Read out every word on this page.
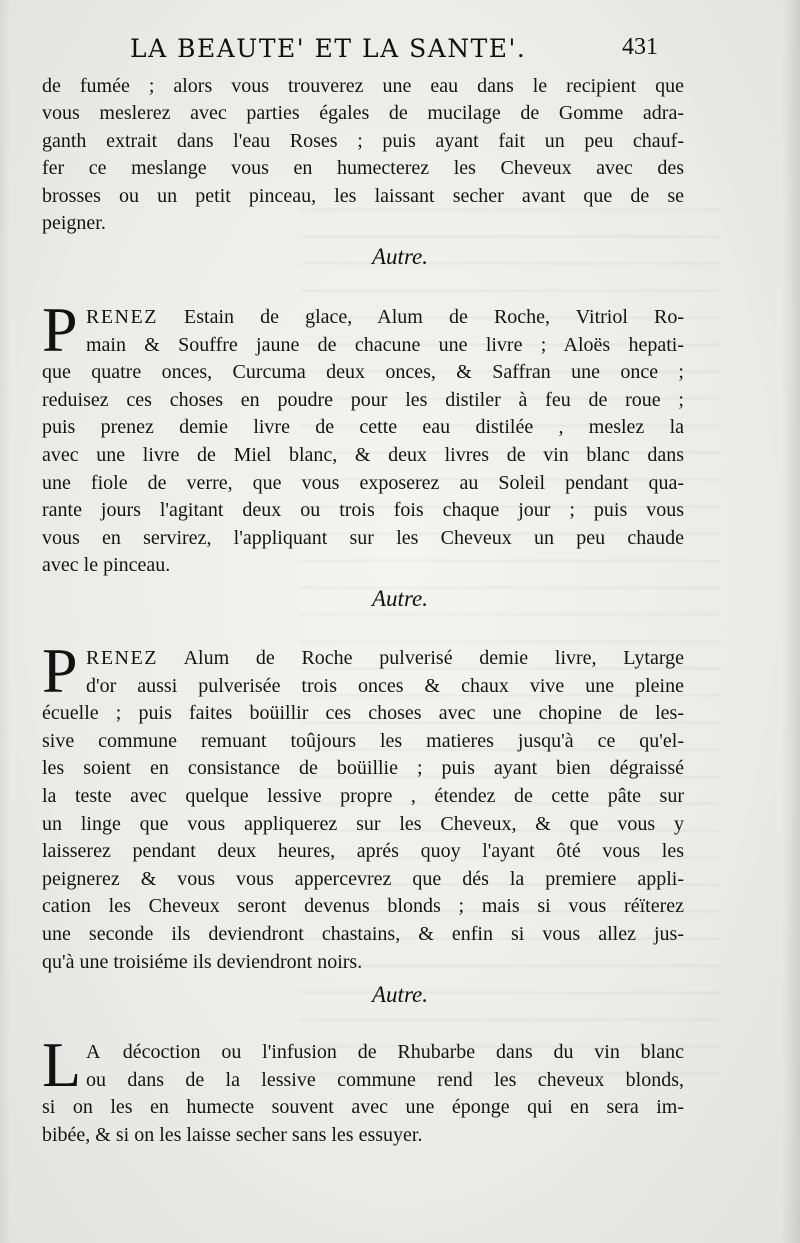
LA BEAUTE' ET LA SANTE'.	431
de fumée ; alors vous trouverez une eau dans le recipient que
vous meslerez avec parties égales de mucilage de Gomme adra-
ganth extrait dans l'eau Roses ; puis ayant fait un peu chauf-
fer ce meslange vous en humecterez les Cheveux avec des
brosses ou un petit pinceau, les laissant secher avant que de se
peigner.
Autre.
P RENEZ Estain de glace, Alum de Roche, Vitriol Ro-
main & Souffre jaune de chacune une livre ; Aloës hepati-
que quatre onces, Curcuma deux onces, & Saffran une once ;
reduisez ces choses en poudre pour les distiler à feu de roue ;
puis prenez demie livre de cette eau distilée , meslez la
avec une livre de Miel blanc, & deux livres de vin blanc dans
une fiole de verre, que vous exposerez au Soleil pendant qua-
rante jours l'agitant deux ou trois fois chaque jour ; puis vous
vous en servirez, l'appliquant sur les Cheveux un peu chaude
avec le pinceau.
Autre.
P RENEZ Alum de Roche pulverisé demie livre, Lytarge
d'or aussi pulverisée trois onces & chaux vive une pleine
écuelle ; puis faites boüillir ces choses avec une chopine de les-
sive commune remuant toûjours les matieres jusqu'à ce qu'el-
les soient en consistance de boüillie ; puis ayant bien dégraissé
la teste avec quelque lessive propre , étendez de cette pâte sur
un linge que vous appliquerez sur les Cheveux, & que vous y
laisserez pendant deux heures, aprés quoy l'ayant ôté vous les
peignerez & vous vous appercevrez que dés la premiere appli-
cation les Cheveux seront devenus blonds ; mais si vous réïterez
une seconde ils deviendront chastains, & enfin si vous allez jus-
qu'à une troisiéme ils deviendront noirs.
Autre.
L A décoction ou l'infusion de Rhubarbe dans du vin blanc
ou dans de la lessive commune rend les cheveux blonds,
si on les en humecte souvent avec une éponge qui en sera im-
bibée, & si on les laisse secher sans les essuyer.
